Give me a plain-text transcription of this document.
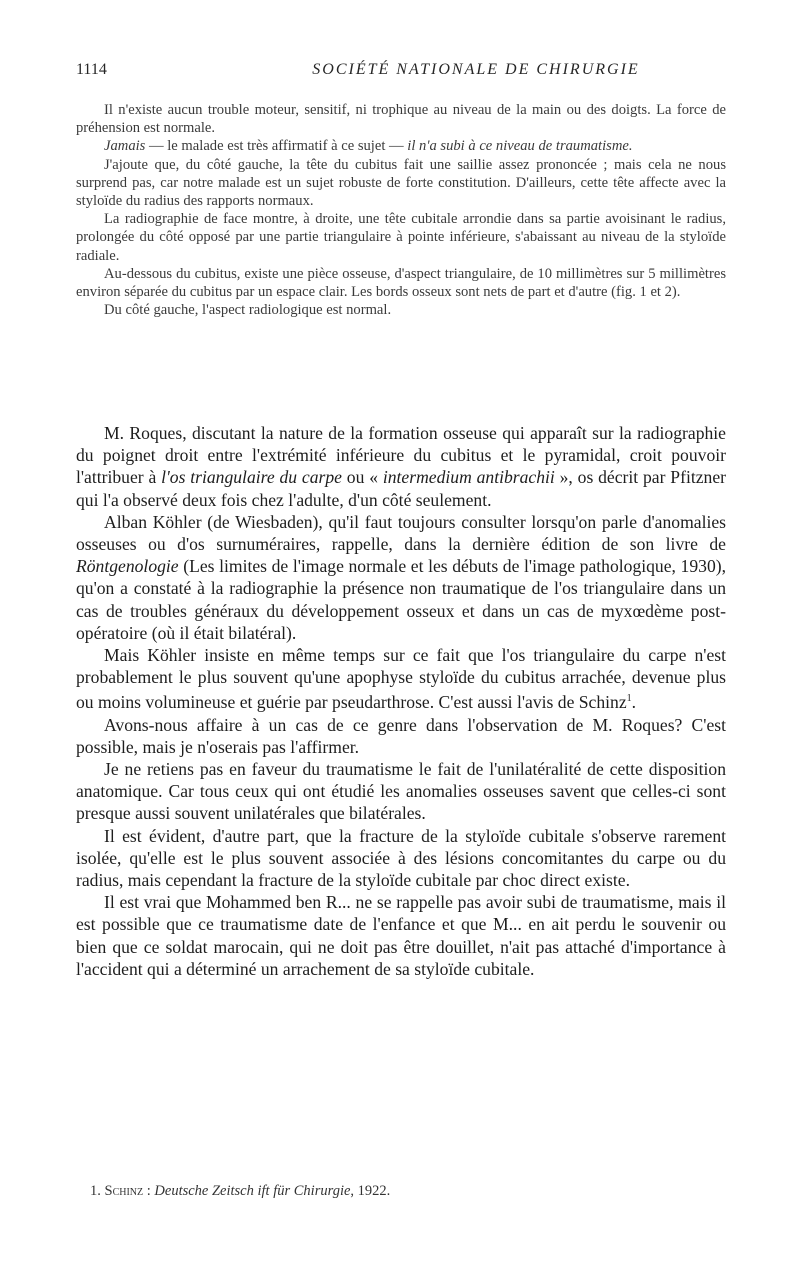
1114	SOCIÉTÉ NATIONALE DE CHIRURGIE

Il n'existe aucun trouble moteur, sensitif, ni trophique au niveau de la main ou des doigts. La force de préhension est normale.

Jamais — le malade est très affirmatif à ce sujet — il n'a subi à ce niveau de traumatisme.

J'ajoute que, du côté gauche, la tête du cubitus fait une saillie assez prononcée ; mais cela ne nous surprend pas, car notre malade est un sujet robuste de forte constitution. D'ailleurs, cette tête affecte avec la styloïde du radius des rapports normaux.

La radiographie de face montre, à droite, une tête cubitale arrondie dans sa partie avoisinant le radius, prolongée du côté opposé par une partie triangulaire à pointe inférieure, s'abaissant au niveau de la styloïde radiale.

Au-dessous du cubitus, existe une pièce osseuse, d'aspect triangulaire, de 10 millimètres sur 5 millimètres environ séparée du cubitus par un espace clair. Les bords osseux sont nets de part et d'autre (fig. 1 et 2).

Du côté gauche, l'aspect radiologique est normal.

M. Roques, discutant la nature de la formation osseuse qui apparaît sur la radiographie du poignet droit entre l'extrémité inférieure du cubitus et le pyramidal, croit pouvoir l'attribuer à l'os triangulaire du carpe ou « intermedium antibrachii », os décrit par Pfitzner qui l'a observé deux fois chez l'adulte, d'un côté seulement.

Alban Köhler (de Wiesbaden), qu'il faut toujours consulter lorsqu'on parle d'anomalies osseuses ou d'os surnuméraires, rappelle, dans la dernière édition de son livre de Röntgenologie (Les limites de l'image normale et les débuts de l'image pathologique, 1930), qu'on a constaté à la radiographie la présence non traumatique de l'os triangulaire dans un cas de troubles généraux du développement osseux et dans un cas de myxœdème post-opératoire (où il était bilatéral).

Mais Köhler insiste en même temps sur ce fait que l'os triangulaire du carpe n'est probablement le plus souvent qu'une apophyse styloïde du cubitus arrachée, devenue plus ou moins volumineuse et guérie par pseudarthrose. C'est aussi l'avis de Schinz$^1$.

Avons-nous affaire à un cas de ce genre dans l'observation de M. Roques? C'est possible, mais je n'oserais pas l'affirmer.

Je ne retiens pas en faveur du traumatisme le fait de l'unilatéralité de cette disposition anatomique. Car tous ceux qui ont étudié les anomalies osseuses savent que celles-ci sont presque aussi souvent unilatérales que bilatérales.

Il est évident, d'autre part, que la fracture de la styloïde cubitale s'observe rarement isolée, qu'elle est le plus souvent associée à des lésions concomitantes du carpe ou du radius, mais cependant la fracture de la styloïde cubitale par choc direct existe.

Il est vrai que Mohammed ben R... ne se rappelle pas avoir subi de traumatisme, mais il est possible que ce traumatisme date de l'enfance et que M... en ait perdu le souvenir ou bien que ce soldat marocain, qui ne doit pas être douillet, n'ait pas attaché d'importance à l'accident qui a déterminé un arrachement de sa styloïde cubitale.

1. Schinz : Deutsche Zeitsch ift für Chirurgie, 1922.
